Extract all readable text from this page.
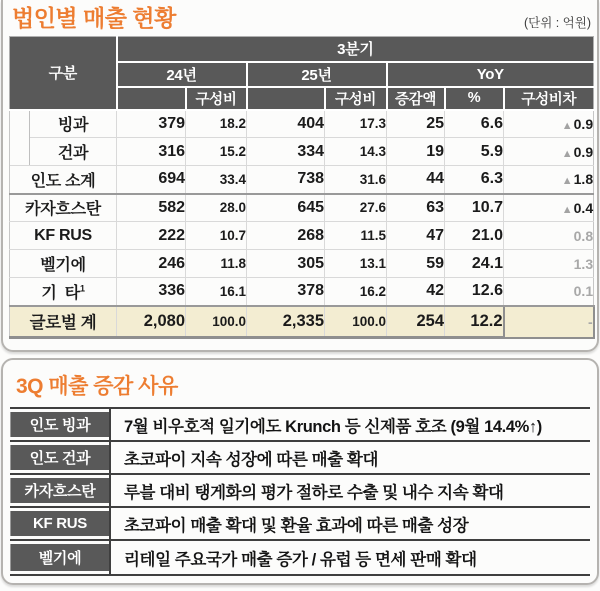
법인별 매출 현황	(단위 : 억원)
구분		3분기						
		24년		25년		YoY		
			구성비		구성비	증감액	%	구성비차
	빙과	379	18.2	404	17.3	25	6.6	▲0.9
	건과	316	15.2	334	14.3	19	5.9	▲0.9
인도 소계		694	33.4	738	31.6	44	6.3	▲1.8
카자흐스탄		582	28.0	645	27.6	63	10.7	▲0.4
KF RUS		222	10.7	268	11.5	47	21.0	0.8
벨기에		246	11.8	305	13.1	59	24.1	1.3
기  타$^1$		336	16.1	378	16.2	42	12.6	0.1
글로벌 계		2,080	100.0	2,335	100.0	254	12.2	-
3Q 매출 증감 사유
인도 빙과	7월 비우호적 일기에도 Krunch 등 신제품 호조 (9월 14.4%↑)
인도 건과	초코파이 지속 성장에 따른 매출 확대
카자흐스탄	루블 대비 탱게화의 평가 절하로 수출 및 내수 지속 확대
KF RUS	초코파이 매출 확대 및 환율 효과에 따른 매출 성장
벨기에	리테일 주요국가 매출 증가 / 유럽 등 면세 판매 확대
